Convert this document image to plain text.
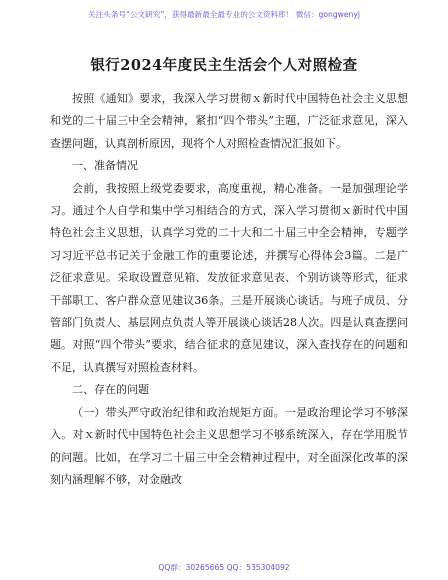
关注头条号“公文研究”，获得最新最全最专业的公文资料库！ 微信：gongwenyj
银行2024年度民主生活会个人对照检查

按照《通知》要求，我深入学习贯彻ｘ新时代中国特色社会主义思想和党的二十届三中全会精神，紧扣“四个带头”主题，广泛征求意见，深入查摆问题，认真剖析原因，现将个人对照检查情况汇报如下。

一、准备情况

会前，我按照上级党委要求，高度重视，精心准备。一是加强理论学习。通过个人自学和集中学习相结合的方式，深入学习贯彻ｘ新时代中国特色社会主义思想，认真学习党的二十大和二十届三中全会精神，专题学习习近平总书记关于金融工作的重要论述，并撰写心得体会3篇。二是广泛征求意见。采取设置意见箱、发放征求意见表、个别访谈等形式，征求干部职工、客户群众意见建议36条。三是开展谈心谈话。与班子成员、分管部门负责人、基层网点负责人等开展谈心谈话28人次。四是认真查摆问题。对照“四个带头”要求，结合征求的意见建议，深入查找存在的问题和不足，认真撰写对照检查材料。

二、存在的问题

（一）带头严守政治纪律和政治规矩方面。一是政治理论学习不够深入。对ｘ新时代中国特色社会主义思想学习不够系统深入，存在学用脱节的问题。比如，在学习二十届三中全会精神过程中，对全面深化改革的深刻内涵理解不够，对金融改

QQ群：30265665 QQ：535304092
